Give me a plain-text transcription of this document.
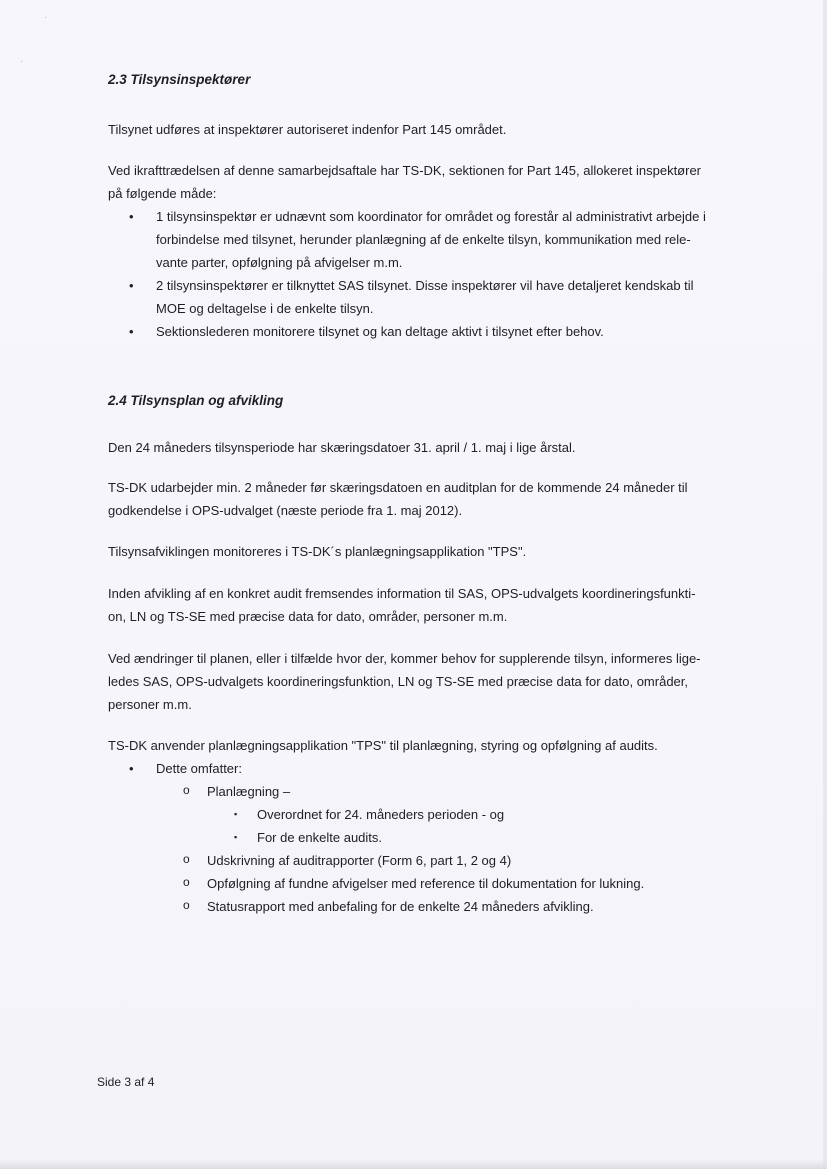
·
·
2.3 Tilsynsinspektører

Tilsynet udføres at inspektører autoriseret indenfor Part 145 området.

Ved ikrafttrædelsen af denne samarbejdsaftale har TS-DK, sektionen for Part 145, allokeret inspektører
på følgende måde:
• 1 tilsynsinspektør er udnævnt som koordinator for området og forestår al administrativt arbejde i
forbindelse med tilsynet, herunder planlægning af de enkelte tilsyn, kommunikation med rele-
vante parter, opfølgning på afvigelser m.m.
• 2 tilsynsinspektører er tilknyttet SAS tilsynet. Disse inspektører vil have detaljeret kendskab til
MOE og deltagelse i de enkelte tilsyn.
• Sektionslederen monitorere tilsynet og kan deltage aktivt i tilsynet efter behov.
2.4 Tilsynsplan og afvikling

Den 24 måneders tilsynsperiode har skæringsdatoer 31. april / 1. maj i lige årstal.

TS-DK udarbejder min. 2 måneder før skæringsdatoen en auditplan for de kommende 24 måneder til
godkendelse i OPS-udvalget (næste periode fra 1. maj 2012).

Tilsynsafviklingen monitoreres i TS-DK´s planlægningsapplikation "TPS".

Inden afvikling af en konkret audit fremsendes information til SAS, OPS-udvalgets koordineringsfunkti-
on, LN og TS-SE med præcise data for dato, områder, personer m.m.
Ved ændringer til planen, eller i tilfælde hvor der, kommer behov for supplerende tilsyn, informeres lige-
ledes SAS, OPS-udvalgets koordineringsfunktion, LN og TS-SE med præcise data for dato, områder,
personer m.m.

TS-DK anvender planlægningsapplikation "TPS" til planlægning, styring og opfølgning af audits.

• Dette omfatter:
o Planlægning –
▪ Overordnet for 24. måneders perioden - og
▪ For de enkelte audits.
o Udskrivning af auditrapporter (Form 6, part 1, 2 og 4)
o Opfølgning af fundne afvigelser med reference til dokumentation for lukning.
o Statusrapport med anbefaling for de enkelte 24 måneders afvikling.
Side 3 af 4
